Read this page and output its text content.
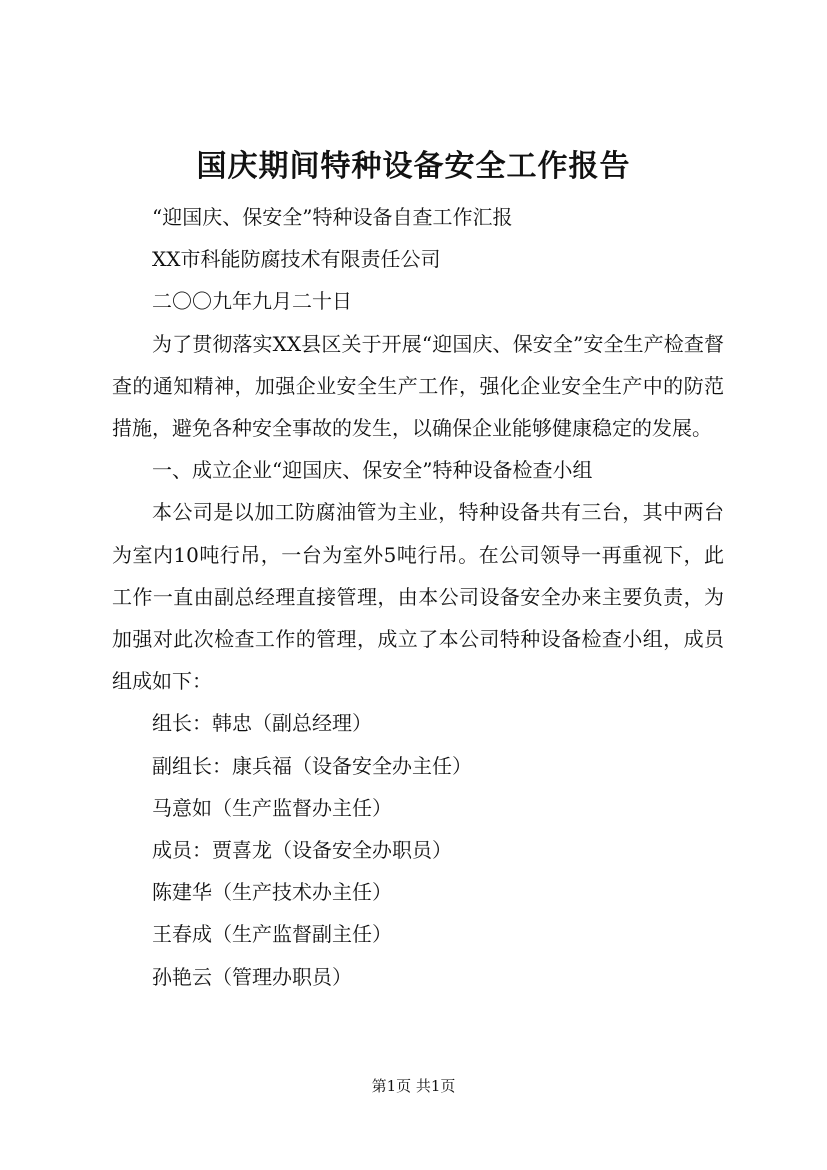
国庆期间特种设备安全工作报告

“迎国庆、保安全”特种设备自查工作汇报

XX市科能防腐技术有限责任公司

二〇〇九年九月二十日

为了贯彻落实XX县区关于开展“迎国庆、保安全”安全生产检查督查的通知精神，加强企业安全生产工作，强化企业安全生产中的防范措施，避免各种安全事故的发生，以确保企业能够健康稳定的发展。

一、成立企业“迎国庆、保安全”特种设备检查小组

本公司是以加工防腐油管为主业，特种设备共有三台，其中两台为室内10吨行吊，一台为室外5吨行吊。在公司领导一再重视下，此工作一直由副总经理直接管理，由本公司设备安全办来主要负责，为加强对此次检查工作的管理，成立了本公司特种设备检查小组，成员组成如下：

组长：韩忠（副总经理）

副组长：康兵福（设备安全办主任）

马意如（生产监督办主任）

成员：贾喜龙（设备安全办职员）

陈建华（生产技术办主任）

王春成（生产监督副主任）

孙艳云（管理办职员）

第1页 共1页
